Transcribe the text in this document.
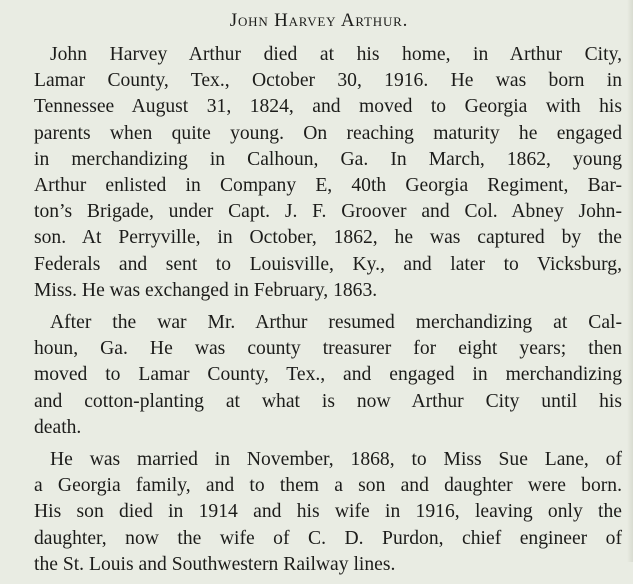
John Harvey Arthur.
John Harvey Arthur died at his home, in Arthur City,
Lamar County, Tex., October 30, 1916. He was born in
Tennessee August 31, 1824, and moved to Georgia with his
parents when quite young. On reaching maturity he engaged
in merchandizing in Calhoun, Ga. In March, 1862, young
Arthur enlisted in Company E, 40th Georgia Regiment, Bar-
ton’s Brigade, under Capt. J. F. Groover and Col. Abney John-
son. At Perryville, in October, 1862, he was captured by the
Federals and sent to Louisville, Ky., and later to Vicksburg,
Miss. He was exchanged in February, 1863.
After the war Mr. Arthur resumed merchandizing at Cal-
houn, Ga. He was county treasurer for eight years; then
moved to Lamar County, Tex., and engaged in merchandizing
and cotton-planting at what is now Arthur City until his
death.
He was married in November, 1868, to Miss Sue Lane, of
a Georgia family, and to them a son and daughter were born.
His son died in 1914 and his wife in 1916, leaving only the
daughter, now the wife of C. D. Purdon, chief engineer of
the St. Louis and Southwestern Railway lines.
